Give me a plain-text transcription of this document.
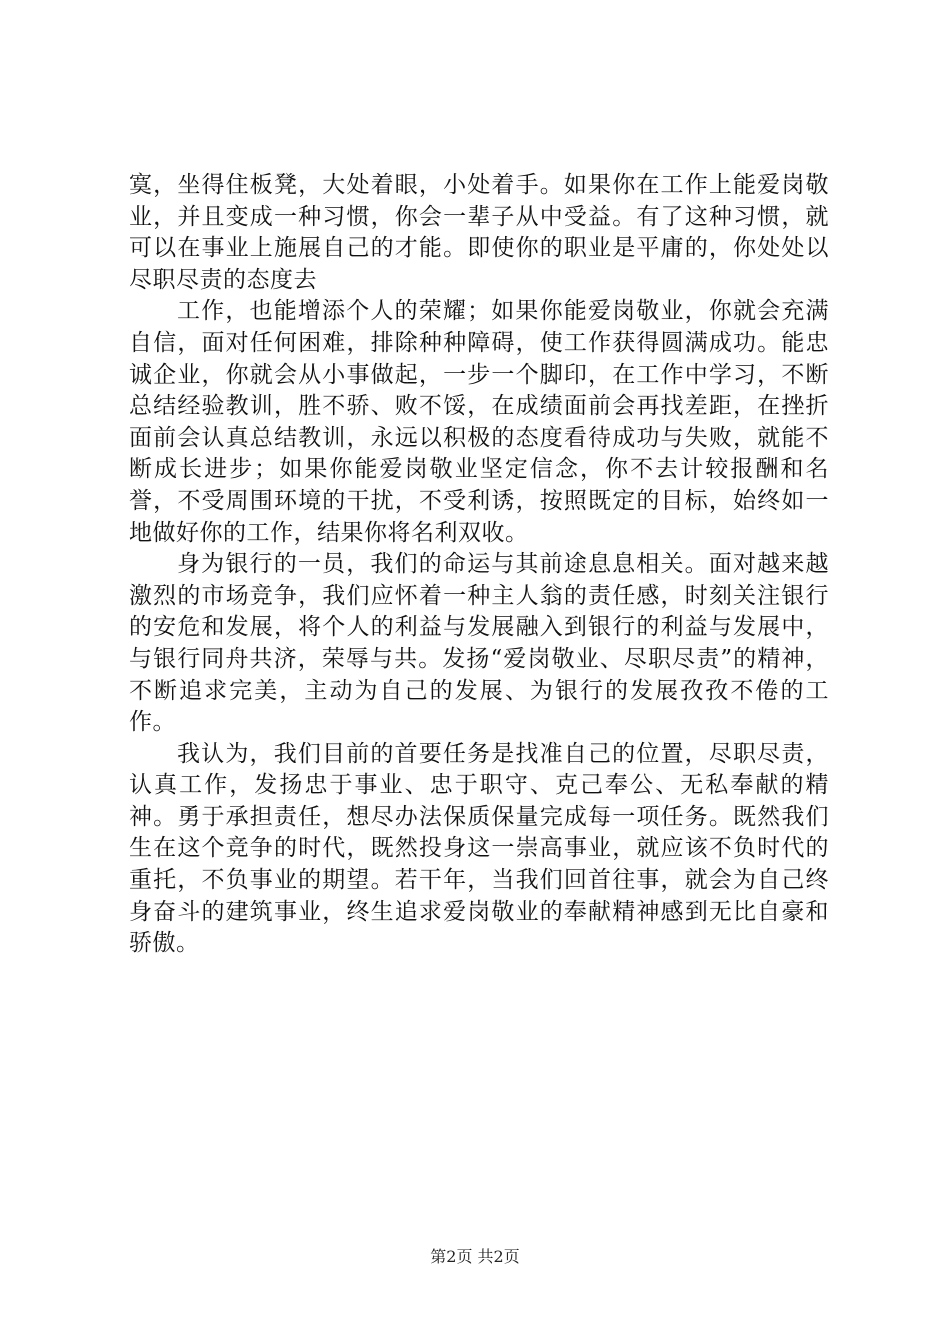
寞，坐得住板凳，大处着眼，小处着手。如果你在工作上能爱岗敬业，并且变成一种习惯，你会一辈子从中受益。有了这种习惯，就可以在事业上施展自己的才能。即使你的职业是平庸的，你处处以尽职尽责的态度去

工作，也能增添个人的荣耀；如果你能爱岗敬业，你就会充满自信，面对任何困难，排除种种障碍，使工作获得圆满成功。能忠诚企业，你就会从小事做起，一步一个脚印，在工作中学习，不断总结经验教训，胜不骄、败不馁，在成绩面前会再找差距，在挫折面前会认真总结教训，永远以积极的态度看待成功与失败，就能不断成长进步；如果你能爱岗敬业坚定信念，你不去计较报酬和名誉，不受周围环境的干扰，不受利诱，按照既定的目标，始终如一地做好你的工作，结果你将名利双收。

身为银行的一员，我们的命运与其前途息息相关。面对越来越激烈的市场竞争，我们应怀着一种主人翁的责任感，时刻关注银行的安危和发展，将个人的利益与发展融入到银行的利益与发展中，与银行同舟共济，荣辱与共。发扬“爱岗敬业、尽职尽责”的精神，不断追求完美，主动为自己的发展、为银行的发展孜孜不倦的工作。

我认为，我们目前的首要任务是找准自己的位置，尽职尽责，认真工作，发扬忠于事业、忠于职守、克己奉公、无私奉献的精神。勇于承担责任，想尽办法保质保量完成每一项任务。既然我们生在这个竞争的时代，既然投身这一崇高事业，就应该不负时代的重托，不负事业的期望。若干年，当我们回首往事，就会为自己终身奋斗的建筑事业，终生追求爱岗敬业的奉献精神感到无比自豪和骄傲。

第2页 共2页
